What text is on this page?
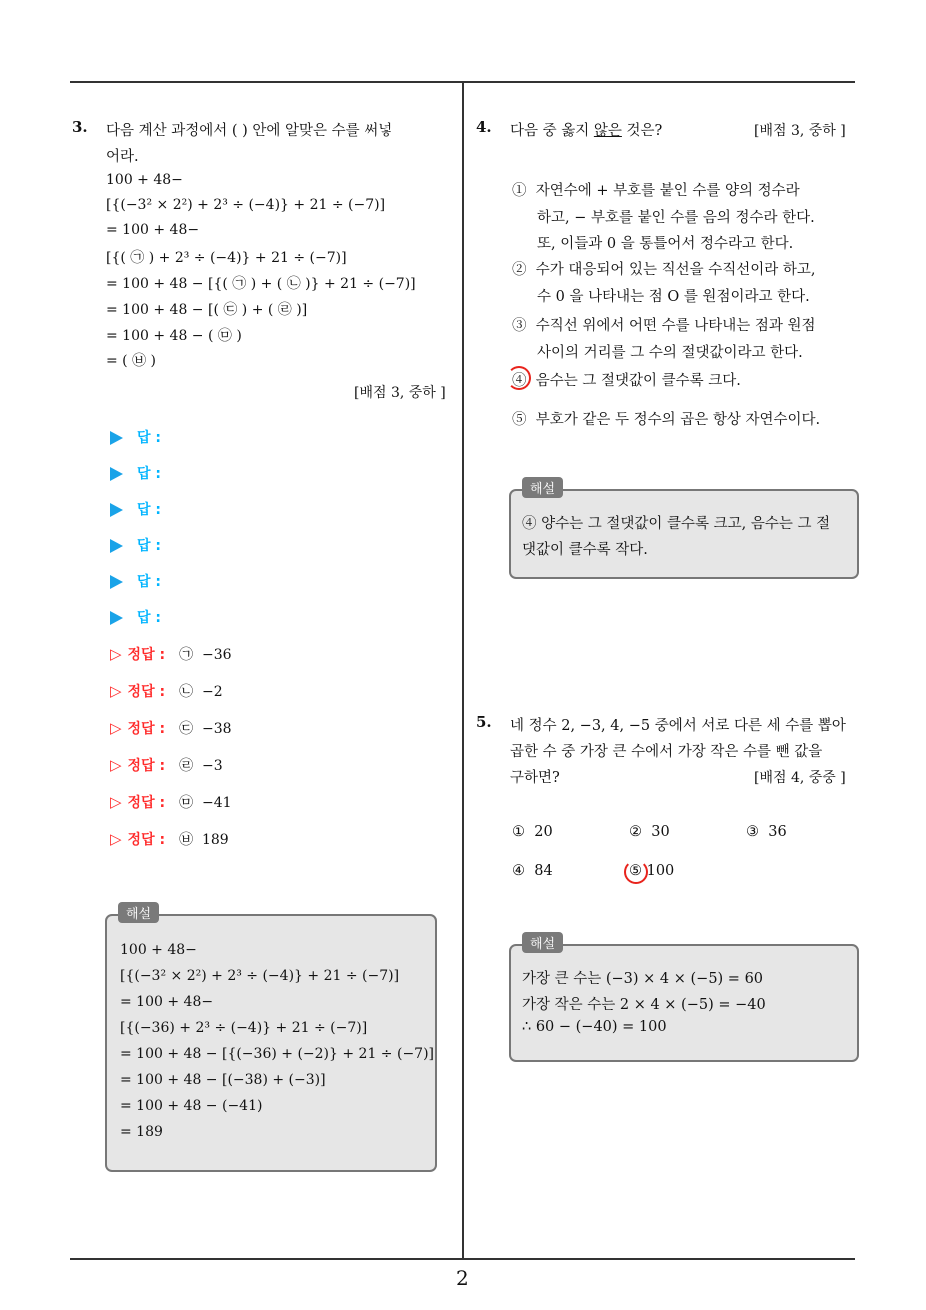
2
3. 다음 계산 과정에서 ( ) 안에 알맞은 수를 써넣
어라.
100 + 48−
[{(−3² × 2²) + 2³ ÷ (−4)} + 21 ÷ (−7)]
= 100 + 48−
[{( ㉠ ) + 2³ ÷ (−4)} + 21 ÷ (−7)]
= 100 + 48 − [{( ㉠ ) + ( ㉡ )} + 21 ÷ (−7)]
= 100 + 48 − [( ㉢ ) + ( ㉣ )]
= 100 + 48 − ( ㉤ )
= ( ㉥ )
[배점 3, 중하 ]
답 :
답 :
답 :
답 :
답 :
답 :
▷ 정답 : ㉠ −36
▷ 정답 : ㉡ −2
▷ 정답 : ㉢ −38
▷ 정답 : ㉣ −3
▷ 정답 : ㉤ −41
▷ 정답 : ㉥ 189
해설
100 + 48−
[{(−3² × 2²) + 2³ ÷ (−4)} + 21 ÷ (−7)]
= 100 + 48−
[{(−36) + 2³ ÷ (−4)} + 21 ÷ (−7)]
= 100 + 48 − [{(−36) + (−2)} + 21 ÷ (−7)]
= 100 + 48 − [(−38) + (−3)]
= 100 + 48 − (−41)
= 189
4. 다음 중 옳지 않은 것은?	[배점 3, 중하 ]
① 자연수에 + 부호를 붙인 수를 양의 정수라
하고, − 부호를 붙인 수를 음의 정수라 한다.
또, 이들과 0 을 통틀어서 정수라고 한다.
② 수가 대응되어 있는 직선을 수직선이라 하고,
수 0 을 나타내는 점 O 를 원점이라고 한다.
③ 수직선 위에서 어떤 수를 나타내는 점과 원점
사이의 거리를 그 수의 절댓값이라고 한다.
④ 음수는 그 절댓값이 클수록 크다.
⑤ 부호가 같은 두 정수의 곱은 항상 자연수이다.
해설
④ 양수는 그 절댓값이 클수록 크고, 음수는 그 절
댓값이 클수록 작다.
5. 네 정수 2, −3, 4, −5 중에서 서로 다른 세 수를 뽑아
곱한 수 중 가장 큰 수에서 가장 작은 수를 뺀 값을
구하면?	[배점 4, 중중 ]
① 20	② 30	③ 36
④ 84	⑤ 100
해설
가장 큰 수는 (−3) × 4 × (−5) = 60
가장 작은 수는 2 × 4 × (−5) = −40
∴ 60 − (−40) = 100
